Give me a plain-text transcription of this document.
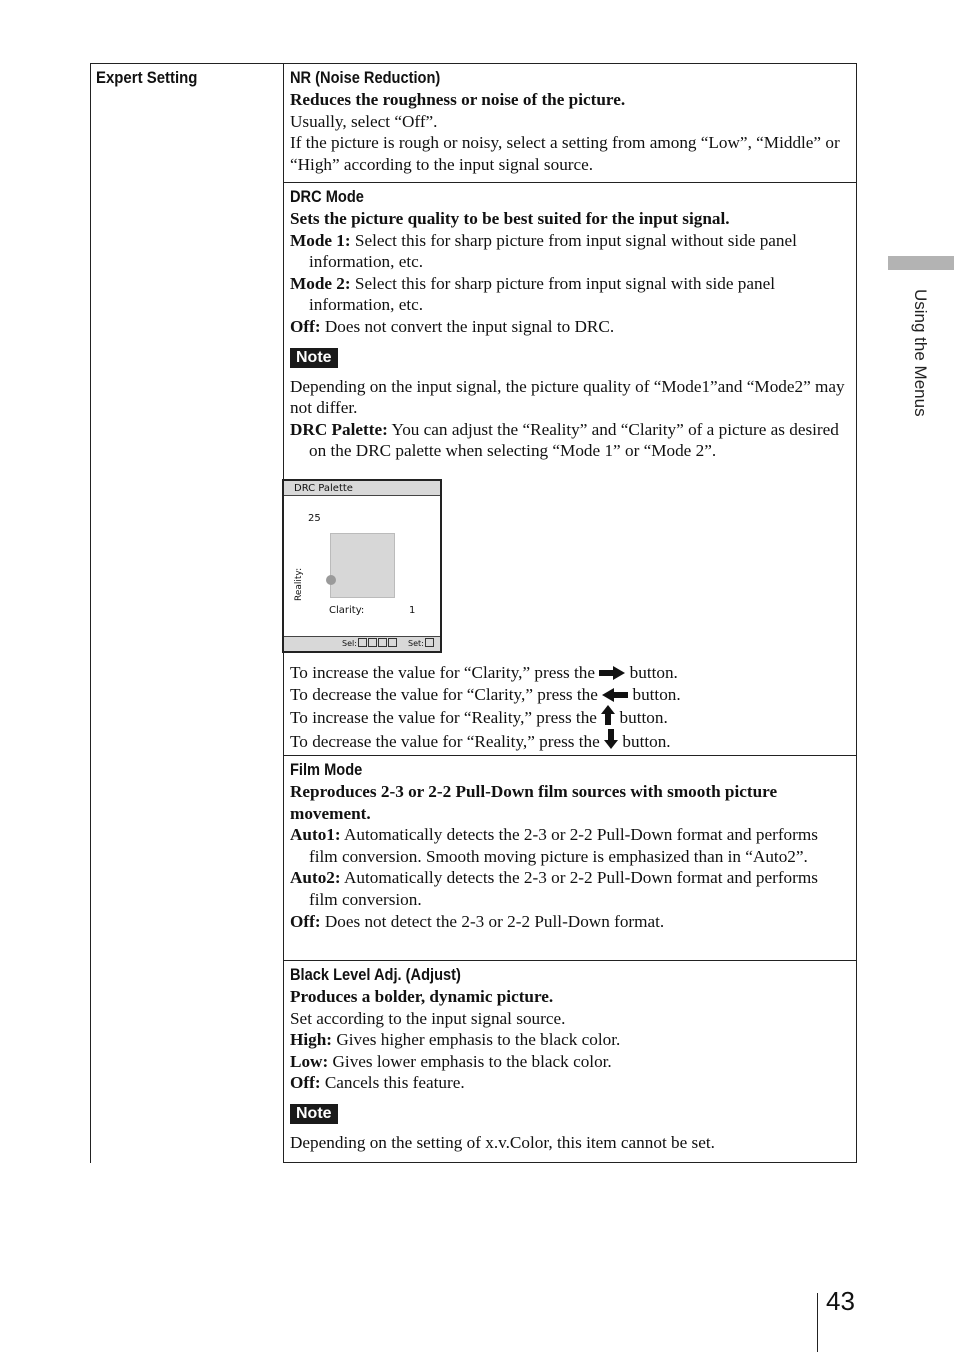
Expert Setting	NR (Noise Reduction)

Reduces the roughness or noise of the picture.

Usually, select “Off”.

If the picture is rough or noisy, select a setting from among “Low”, “Middle” or “High” according to the input signal source.

DRC Mode

Sets the picture quality to be best suited for the input signal.

Mode 1: Select this for sharp picture from input signal without side panel information, etc.

Mode 2: Select this for sharp picture from input signal with side panel information, etc.

Off: Does not convert the input signal to DRC.

Note

Depending on the input signal, the picture quality of “Mode1”and “Mode2” may not differ.

DRC Palette: You can adjust the “Reality” and “Clarity” of a picture as desired on the DRC palette when selecting “Mode 1” or “Mode 2”.

DRC Palette
25
Reality:
Clarity:	1
Sel:	Set:

To increase the value for “Clarity,” press the  button.

To decrease the value for “Clarity,” press the  button.

To increase the value for “Reality,” press the  button.

To decrease the value for “Reality,” press the  button.

Film Mode

Reproduces 2-3 or 2-2 Pull-Down film sources with smooth picture movement.

Auto1: Automatically detects the 2-3 or 2-2 Pull-Down format and performs film conversion. Smooth moving picture is emphasized than in “Auto2”.

Auto2: Automatically detects the 2-3 or 2-2 Pull-Down format and performs film conversion.

Off: Does not detect the 2-3 or 2-2 Pull-Down format.

Black Level Adj. (Adjust)

Produces a bolder, dynamic picture.

Set according to the input signal source.

High: Gives higher emphasis to the black color.

Low: Gives lower emphasis to the black color.

Off: Cancels this feature.

Note

Depending on the setting of x.v.Color, this item cannot be set.

Using the Menus
43
